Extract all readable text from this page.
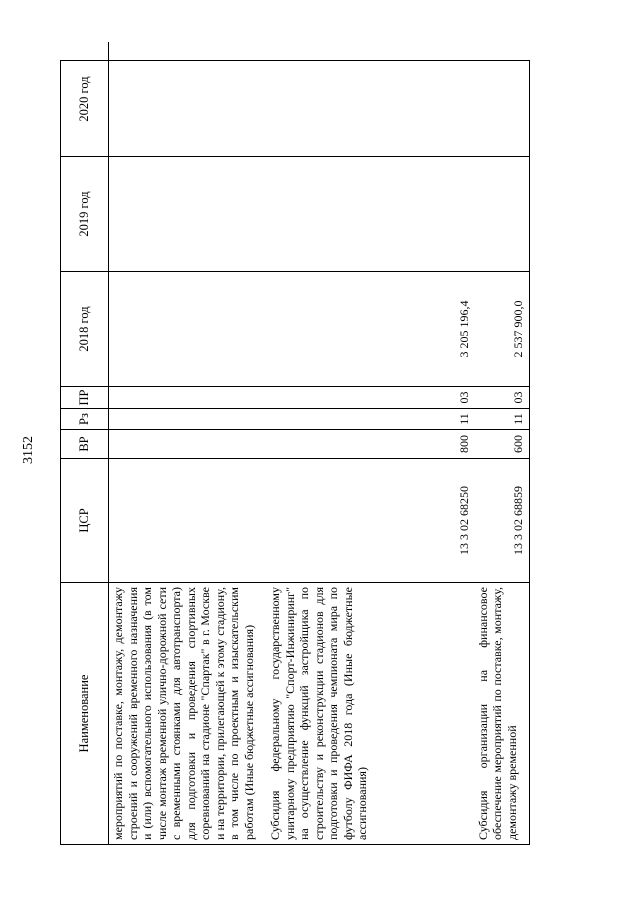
3152
Наименование
ЦСР
ВР
Рз
ПР
2018 год
2019 год
2020 год
мероприятий по поставке, монтажу, демонтажу строений и сооружений временного назначения и (или) вспомогательного использования (в том числе монтаж временной улично-дорожной сети с временными стоянками для автотранспорта) для подготовки и проведения спортивных соревнований на стадионе "Спартак" в г. Москве и на территории, прилегающей к этому стадиону, в том числе по проектным и изыскательским работам (Иные бюджетные ассигнования)	Субсидия федеральному государственному унитарному предприятию "Спорт-Инжиниринг" на осуществление функций застройщика по строительству и реконструкции стадионов для подготовки и проведения чемпионата мира по футболу ФИФА 2018 года (Иные бюджетные ассигнования)
13 3 02 68250
800
11
03
3 205 196,4
Субсидия организации на финансовое обеспечение мероприятий по поставке, монтажу, демонтажу временной
13 3 02 68859
600
11
03
2 537 900,0
